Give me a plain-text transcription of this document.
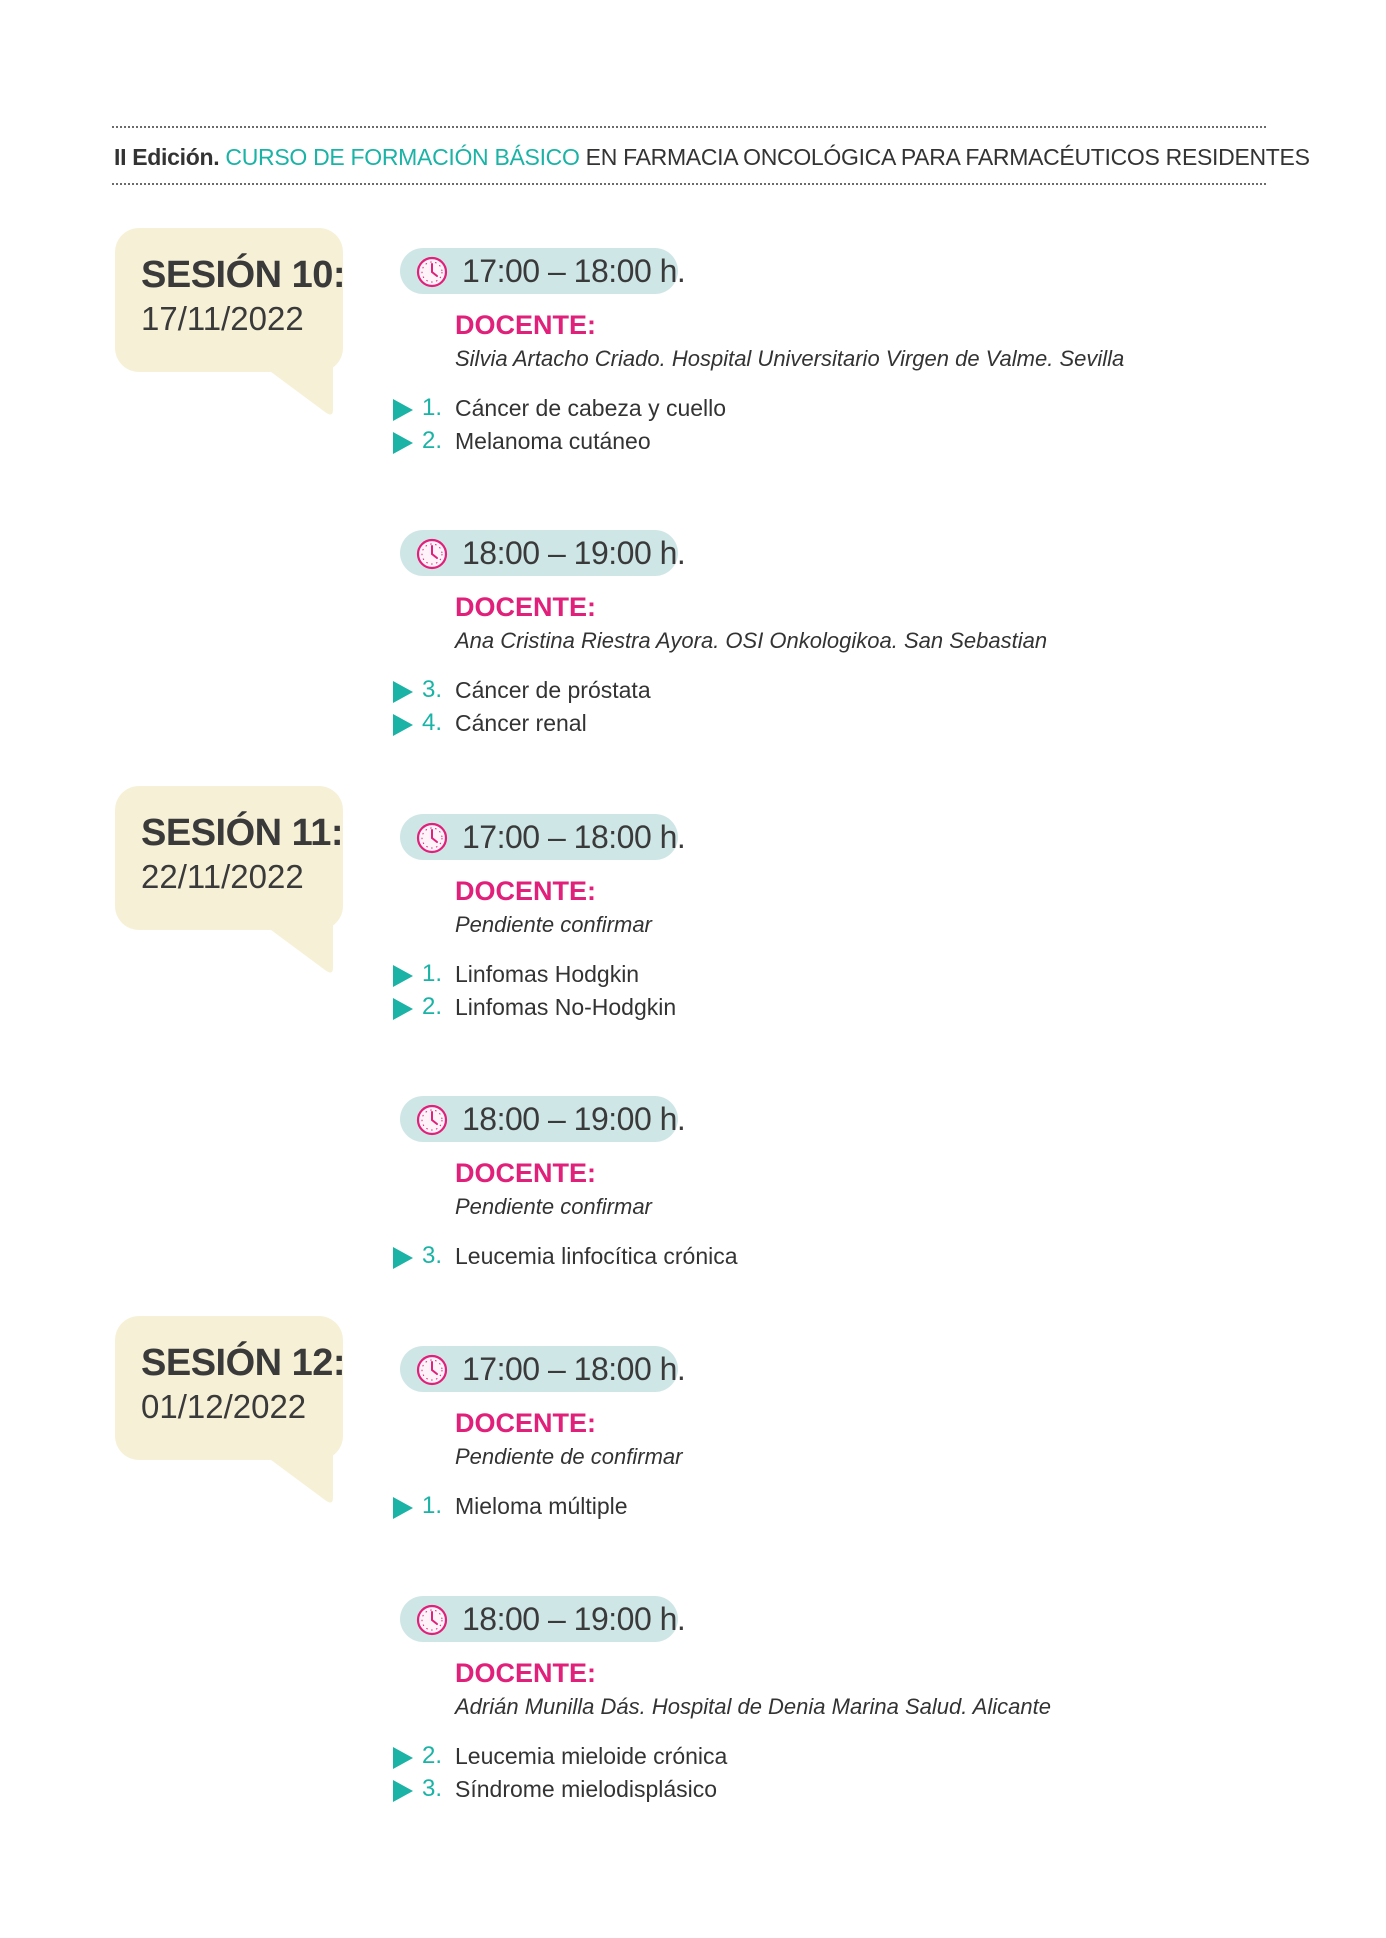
II Edición. CURSO DE FORMACIÓN BÁSICO EN FARMACIA ONCOLÓGICA PARA FARMACÉUTICOS RESIDENTES
SESIÓN 10:
17/11/2022
17:00 – 18:00 h.
DOCENTE:
Silvia Artacho Criado. Hospital Universitario Virgen de Valme. Sevilla
1. Cáncer de cabeza y cuello
2. Melanoma cutáneo
18:00 – 19:00 h.
DOCENTE:
Ana Cristina Riestra Ayora. OSI Onkologikoa. San Sebastian
3. Cáncer de próstata
4. Cáncer renal
SESIÓN 11:
22/11/2022
17:00 – 18:00 h.
DOCENTE:
Pendiente confirmar
1. Linfomas Hodgkin
2. Linfomas No-Hodgkin
18:00 – 19:00 h.
DOCENTE:
Pendiente confirmar
3. Leucemia linfocítica crónica
SESIÓN 12:
01/12/2022
17:00 – 18:00 h.
DOCENTE:
Pendiente de confirmar
1. Mieloma múltiple
18:00 – 19:00 h.
DOCENTE:
Adrián Munilla Dás. Hospital de Denia Marina Salud. Alicante
2. Leucemia mieloide crónica
3. Síndrome mielodisplásico
